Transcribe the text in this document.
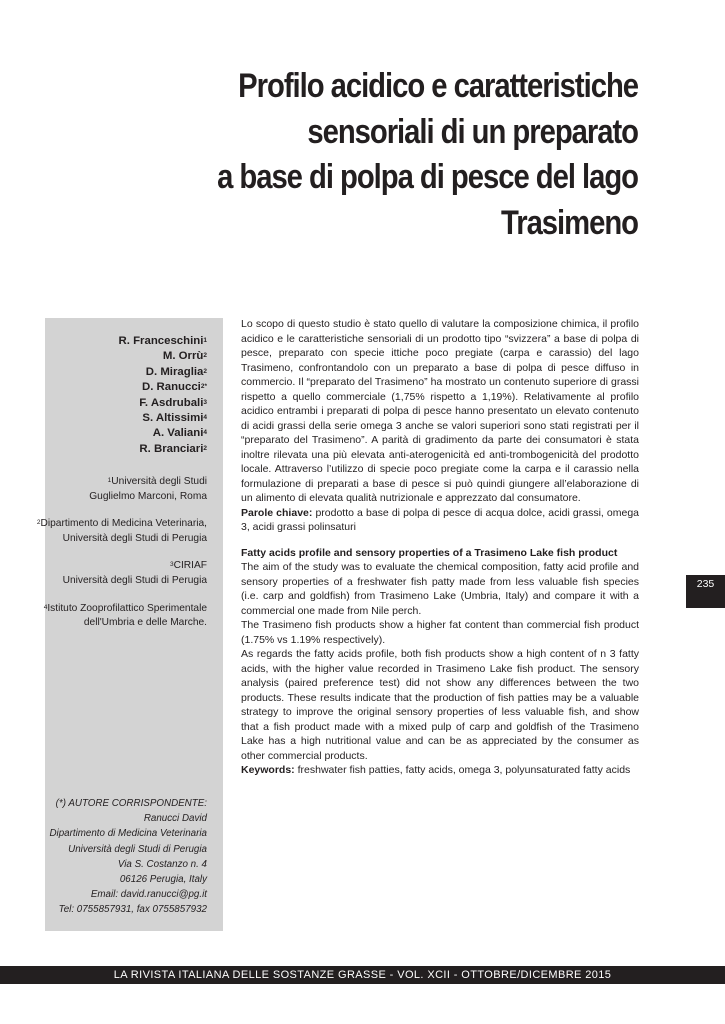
Profilo acidico e caratteristiche
sensoriali di un preparato
a base di polpa di pesce del lago
Trasimeno
R. Franceschini$^1$
M. Orrù$^2$
D. Miraglia$^2$
D. Ranucci$^{2*}$
F. Asdrubali$^3$
S. Altissimi$^4$
A. Valiani$^4$
R. Branciari$^2$
$^1$Università degli Studi
Guglielmo Marconi, Roma
$^2$Dipartimento di Medicina Veterinaria,
Università degli Studi di Perugia
$^3$CIRIAF
Università degli Studi di Perugia
$^4$Istituto Zooprofilattico Sperimentale
dell'Umbria e delle Marche.
(*) AUTORE CORRISPONDENTE:
Ranucci David
Dipartimento di Medicina Veterinaria
Università degli Studi di Perugia
Via S. Costanzo n. 4
06126 Perugia, Italy
Email: david.ranucci@pg.it
Tel: 0755857931, fax 0755857932

Lo scopo di questo studio è stato quello di valutare la composizione chimica, il profilo acidico e le caratteristiche sensoriali di un prodotto tipo “svizzera” a base di polpa di pesce, preparato con specie ittiche poco pregiate (carpa e carassio) del lago Trasimeno, confrontandolo con un preparato a base di polpa di pesce diffuso in commercio. Il “preparato del Trasimeno” ha mostrato un contenuto superiore di grassi rispetto a quello commerciale (1,75% rispetto a 1,19%). Relativamente al profilo acidico entrambi i preparati di polpa di pesce hanno presentato un elevato contenuto di acidi grassi della serie omega 3 anche se valori superiori sono stati registrati per il “preparato del Trasimeno”. A parità di gradimento da parte dei consumatori è stata inoltre rilevata una più elevata anti-aterogenicità ed anti-trombogenicità del prodotto locale. Attraverso l’utilizzo di specie poco pregiate come la carpa e il carassio nella formulazione di preparati a base di pesce si può quindi giungere all’elaborazione di un alimento di elevata qualità nutrizionale e apprezzato dal consumatore.

Parole chiave: prodotto a base di polpa di pesce di acqua dolce, acidi grassi, omega 3, acidi grassi polinsaturi

Fatty acids profile and sensory properties of a Trasimeno Lake fish product

The aim of the study was to evaluate the chemical composition, fatty acid profile and sensory properties of a freshwater fish patty made from less valuable fish species (i.e. carp and goldfish) from Trasimeno Lake (Umbria, Italy) and compare it with a commercial one made from Nile perch.

The Trasimeno fish products show a higher fat content than commercial fish product (1.75% vs 1.19% respectively).

As regards the fatty acids profile, both fish products show a high content of n 3 fatty acids, with the higher value recorded in Trasimeno Lake fish product. The sensory analysis (paired preference test) did not show any differences between the two products. These results indicate that the production of fish patties may be a valuable strategy to improve the original sensory properties of less valuable fish, and show that a fish product made with a mixed pulp of carp and goldfish of the Trasimeno Lake has a high nutritional value and can be as appreciated by the consumer as other commercial products.

Keywords: freshwater fish patties, fatty acids, omega 3, polyunsaturated fatty acids

235
LA RIVISTA ITALIANA DELLE SOSTANZE GRASSE - VOL. XCII - OTTOBRE/DICEMBRE 2015
